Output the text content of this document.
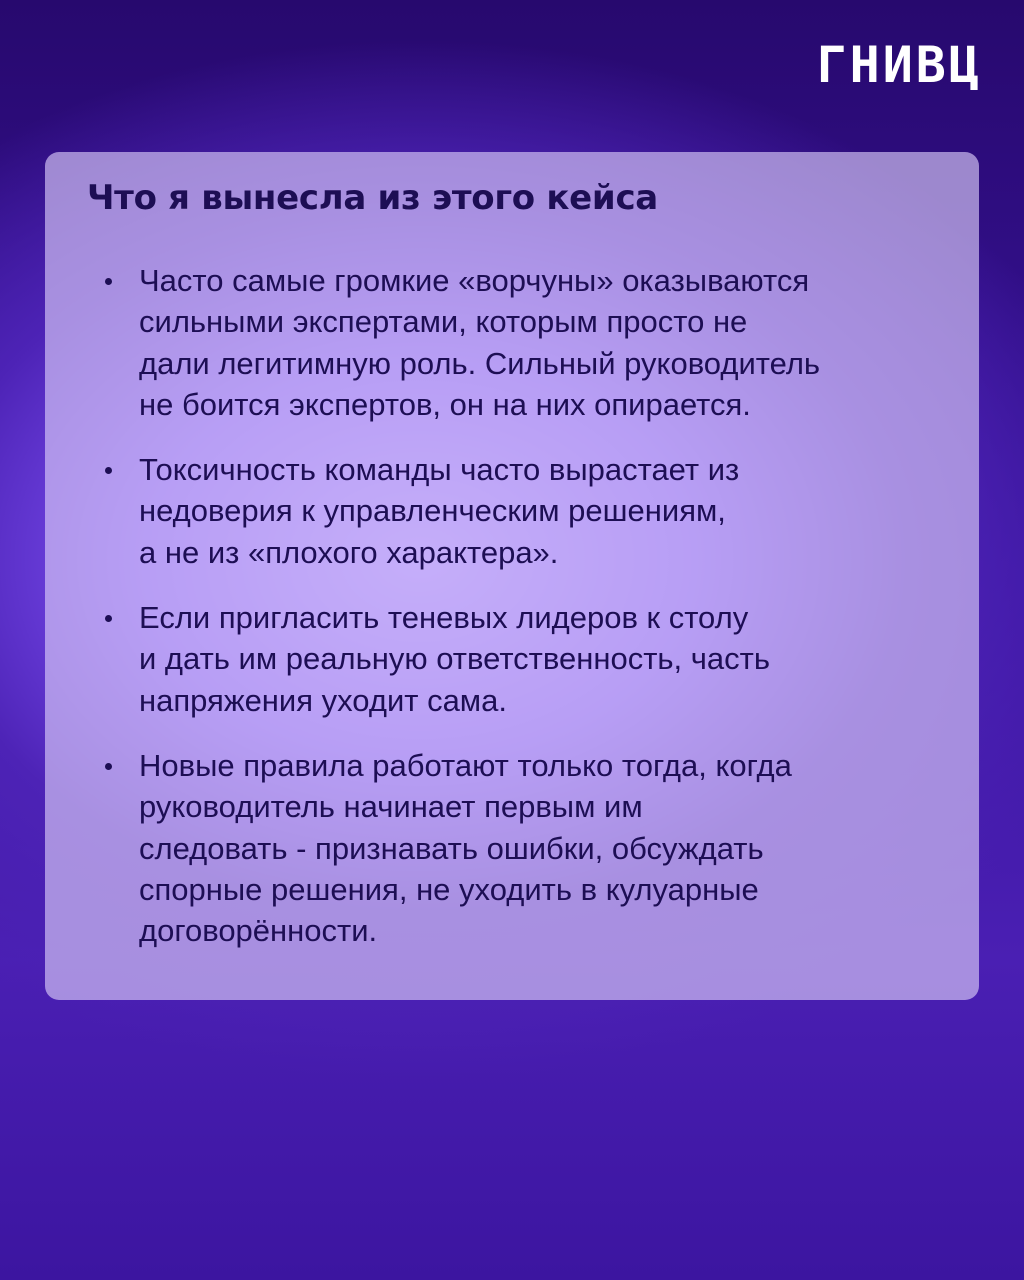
ГНИВЦ
Что я вынесла из этого кейса
Часто самые громкие «ворчуны» оказываются
сильными экспертами, которым просто не
дали легитимную роль. Сильный руководитель
не боится экспертов, он на них опирается.
Токсичность команды часто вырастает из
недоверия к управленческим решениям,
а не из «плохого характера».
Если пригласить теневых лидеров к столу
и дать им реальную ответственность, часть
напряжения уходит сама.
Новые правила работают только тогда, когда
руководитель начинает первым им
следовать - признавать ошибки, обсуждать
спорные решения, не уходить в кулуарные
договорённости.
